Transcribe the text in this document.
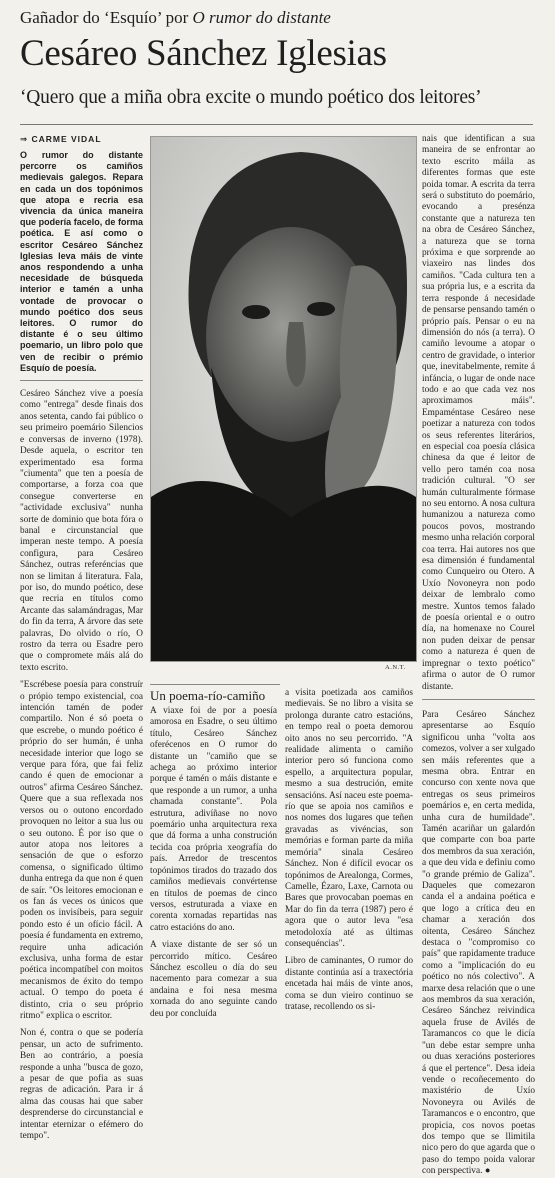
Gañador do ‘Esquío’ por O rumor do distante
Cesáreo Sánchez Iglesias
‘Quero que a miña obra excite o mundo poético dos leitores’
⇒ CARME VIDAL

O rumor do distante percorre os camiños medievais galegos. Repara en cada un dos topónimos que atopa e recria esa vivencia da única maneira que podería facelo, de forma poética. E así como o escritor Cesáreo Sánchez Iglesias leva máis de vinte anos respondendo a unha necesidade de búsqueda interior e tamén a unha vontade de provocar o mundo poético dos seus leitores. O rumor do distante é o seu último poemario, un libro polo que ven de recibir o prémio Esquío de poesía.

Cesáreo Sánchez vive a poesía como "entrega" desde finais dos anos setenta, cando fai público o seu primeiro poemário Silencios e conversas de inverno (1978). Desde aquela, o escritor ten experimentado esa forma "ciumenta" que ten a poesía de comportarse, a forza coa que consegue converterse en "actividade exclusiva" nunha sorte de dominio que bota fóra o banal e circunstancial que imperan neste tempo. A poesía configura, para Cesáreo Sánchez, outras referéncias que non se limitan á literatura. Fala, por iso, do mundo poético, dese que recria en títulos como Arcante das salamándragas, Mar do fin da terra, A árvore das sete palavras, Do olvido o río, O rostro da terra ou Esadre pero que o compromete máis alá do texto escrito.

"Escrébese poesía para construír o própio tempo existencial, coa intención tamén de poder compartilo. Non é só poeta o que escrebe, o mundo poético é próprio do ser humán, é unha necesidade interior que logo se verque para fóra, que fai feliz cando é quen de emocionar a outros" afirma Cesáreo Sánchez. Quere que a sua reflexada nos versos ou o outono encordado provoquen no leitor a sua lus ou o seu outono. É por iso que o autor atopa nos leitores a sensación de que o esforzo comensa, o significado último dunha entrega da que non é quen de saír. "Os leitores emocionan e os fan ás veces os únicos que poden os invisíbeis, para seguir pondo esto é un ofício fácil. A poesía é fundamenta en extremo, require unha adicación exclusiva, unha forma de estar poética incompatíbel con moitos mecanismos de éxito do tempo actual. O tempo do poeta é distinto, cria o seu próprio ritmo" explica o escritor.

Non é, contra o que se podería pensar, un acto de sufrimento. Ben ao contrário, a poesía responde a unha "busca de gozo, a pesar de que pofia as suas regras de adicación. Para ir á alma das cousas hai que saber desprenderse do circunstancial e intentar eternizar o efémero do tempo".

A.N.T.
Un poema-río-camiño

A viaxe foi de por a poesía amorosa en Esadre, o seu último título, Cesáreo Sánchez oferécenos en O rumor do distante un "camiño que se achega ao próximo interior porque é tamén o máis distante e que responde a un rumor, a unha chamada constante". Pola estrutura, adivíñase no novo poemário unha arquitectura rexa que dá forma a unha construción tecida coa própria xeografía do país. Arredor de trescentos topónimos tirados do trazado dos camiños medievais convértense en títulos de poemas de cinco versos, estruturada a viaxe en corenta xornadas repartidas nas catro estacións do ano.

A viaxe distante de ser só un percorrido mítico. Cesáreo Sánchez escolleu o día do seu nacemento para comezar a sua andaina e foi nesa mesma xornada do ano seguinte cando deu por concluída

a visita poetizada aos camiños medievais. Se no libro a visita se prolonga durante catro estacións, en tempo real o poeta demorou oito anos no seu percorrido. "A realidade alimenta o camiño interior pero só funciona como espello, a arquitectura popular, mesmo a sua destrución, emite sensacións. Así naceu este poema-río que se apoia nos camiños e nos nomes dos lugares que teñen gravadas as vivéncias, son memórias e forman parte da miña memória" sinala Cesáreo Sánchez. Non é difícil evocar os topónimos de Arealonga, Cormes, Camelle, Ézaro, Laxe, Carnota ou Bares que provocaban poemas en Mar do fin da terra (1987) pero é agora que o autor leva "esa metodoloxía até as últimas consequéncias".

Libro de caminantes, O rumor do distante continúa así a traxectória encetada hai máis de vinte anos, coma se dun vieiro continuo se tratase, recollendo os si-

nais que identifican a sua maneira de se enfrontar ao texto escrito máila as diferentes formas que este poida tomar. A escrita da terra será o substituto do poemário, evocando a presénza constante que a natureza ten na obra de Cesáreo Sánchez, a natureza que se torna próxima e que sorprende ao viaxeiro nas lindes dos camiños. "Cada cultura ten a sua própria lus, e a escrita da terra responde á necesidade de pensarse pensando tamén o próprio país. Pensar o eu na dimensión do nós (a terra). O camiño levoume a atopar o centro de gravidade, o interior que, inevitabelmente, remite á infáncia, o lugar de onde nace todo e ao que cada vez nos aproximamos máis". Empaméntase Cesáreo nese poetizar a natureza con todos os seus referentes literários, en especial coa poesía clásica chinesa da que é leitor de vello pero tamén coa nosa tradición cultural. "O ser humán culturalmente fórmase no seu entorno. A nosa cultura humanizou a natureza como poucos povos, mostrando mesmo unha relación corporal coa terra. Hai autores nos que esa dimensión é fundamental como Cunqueiro ou Otero. A Uxío Novoneyra non podo deixar de lembralo como mestre. Xuntos temos falado de poesía oriental e o outro día, na homenaxe no Courel non puden deixar de pensar como a natureza é quen de impregnar o texto poético" afirma o autor de O rumor distante.

Para Cesáreo Sánchez apresentarse ao Esquío significou unha "volta aos comezos, volver a ser xulgado sen máis referentes que a mesma obra. Entrar en concurso con xente nova que entregas os seus primeiros poemários e, en certa medida, unha cura de humildade". Tamén acariñar un galardón que comparte con boa parte dos membros da sua xeración, a que deu vida e definiu como "o grande prémio de Galiza". Daqueles que comezaron canda el a andaina poética e que logo a crítica deu en chamar a xeración dos oitenta, Cesáreo Sánchez destaca o "compromiso co país" que rapidamente traduce como a "implicación do eu poético no nós colectivo". A marxe desa relación que o une aos membros da sua xeración, Cesáreo Sánchez reivindica aquela fruse de Avilés de Taramancos co que le dicía "un debe estar sempre unha ou duas xeracións posteriores á que el pertence". Desa ideia vende o recoñecemento do maxistério de Uxío Novoneyra ou Avilés de Taramancos e o encontro, que propicia, cos novos poetas dos tempo que se llimitila nico pero do que agarda que o paso do tempo poida valorar con perspectiva. ●
